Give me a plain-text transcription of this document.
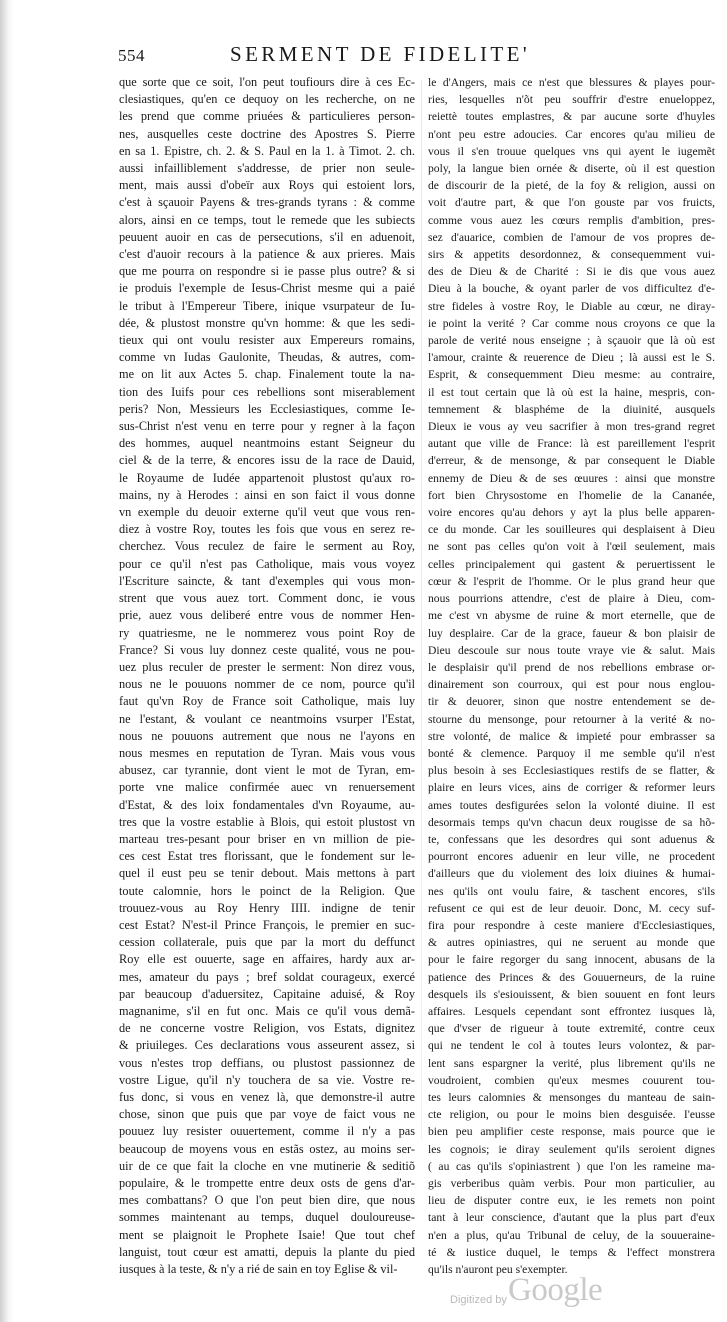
554	SERMENT DE FIDELITE'
que sorte que ce soit, l'on peut toufiours dire à ces Ec-
clesiastiques, qu'en ce dequoy on les recherche, on ne
les prend que comme priuées & particulieres person-
nes, ausquelles ceste doctrine des Apostres S. Pierre
en sa 1. Epistre, ch. 2. & S. Paul en la 1. à Timot. 2. ch.
aussi infailliblement s'addresse, de prier non seule-
ment, mais aussi d'obeïr aux Roys qui estoient lors,
c'est à sçauoir Payens & tres-grands tyrans : & comme
alors, ainsi en ce temps, tout le remede que les subiects
peuuent auoir en cas de persecutions, s'il en aduenoit,
c'est d'auoir recours à la patience & aux prieres. Mais
que me pourra on respondre si ie passe plus outre? & si
ie produis l'exemple de Iesus-Christ mesme qui a paié
le tribut à l'Empereur Tibere, inique vsurpateur de Iu-
dée, & plustost monstre qu'vn homme: & que les sedi-
tieux qui ont voulu resister aux Empereurs romains,
comme vn Iudas Gaulonite, Theudas, & autres, com-
me on lit aux Actes 5. chap. Finalement toute la na-
tion des Iuifs pour ces rebellions sont miserablement
peris? Non, Messieurs les Ecclesiastiques, comme Ie-
sus-Christ n'est venu en terre pour y regner à la façon
des hommes, auquel neantmoins estant Seigneur du
ciel & de la terre, & encores issu de la race de Dauid,
le Royaume de Iudée appartenoit plustost qu'aux ro-
mains, ny à Herodes : ainsi en son faict il vous donne
vn exemple du deuoir externe qu'il veut que vous ren-
diez à vostre Roy, toutes les fois que vous en serez re-
cherchez. Vous reculez de faire le serment au Roy,
pour ce qu'il n'est pas Catholique, mais vous voyez
l'Escriture saincte, & tant d'exemples qui vous mon-
strent que vous auez tort. Comment donc, ie vous
prie, auez vous deliberé entre vous de nommer Hen-
ry quatriesme, ne le nommerez vous point Roy de
France? Si vous luy donnez ceste qualité, vous ne pou-
uez plus reculer de prester le serment: Non direz vous,
nous ne le pouuons nommer de ce nom, pource qu'il
faut qu'vn Roy de France soit Catholique, mais luy
ne l'estant, & voulant ce neantmoins vsurper l'Estat,
nous ne pouuons autrement que nous ne l'ayons en
nous mesmes en reputation de Tyran. Mais vous vous
abusez, car tyrannie, dont vient le mot de Tyran, em-
porte vne malice confirmée auec vn renuersement
d'Estat, & des loix fondamentales d'vn Royaume, au-
tres que la vostre establie à Blois, qui estoit plustost vn
marteau tres-pesant pour briser en vn million de pie-
ces cest Estat tres florissant, que le fondement sur le-
quel il eust peu se tenir debout. Mais mettons à part
toute calomnie, hors le poinct de la Religion. Que
trouuez-vous au Roy Henry IIII. indigne de tenir
cest Estat? N'est-il Prince François, le premier en suc-
cession collaterale, puis que par la mort du deffunct
Roy elle est ouuerte, sage en affaires, hardy aux ar-
mes, amateur du pays ; bref soldat courageux, exercé
par beaucoup d'aduersitez, Capitaine aduisé, & Roy
magnanime, s'il en fut onc. Mais ce qu'il vous demã-
de ne concerne vostre Religion, vos Estats, dignitez
& priuileges. Ces declarations vous asseurent assez, si
vous n'estes trop deffians, ou plustost passionnez de
vostre Ligue, qu'il n'y touchera de sa vie. Vostre re-
fus donc, si vous en venez là, que demonstre-il autre
chose, sinon que puis que par voye de faict vous ne
pouuez luy resister ouuertement, comme il n'y a pas
beaucoup de moyens vous en estãs ostez, au moins ser-
uir de ce que fait la cloche en vne mutinerie & seditiõ
populaire, & le trompette entre deux osts de gens d'ar-
mes combattans? O que l'on peut bien dire, que nous
sommes maintenant au temps, duquel douloureuse-
ment se plaignoit le Prophete Isaie! Que tout chef
languist, tout cœur est amatti, depuis la plante du pied
iusques à la teste, & n'y a rié de sain en toy Eglise & vil-
le d'Angers, mais ce n'est que blessures & playes pour-
ries, lesquelles n'õt peu souffrir d'estre enueloppez,
reiettè toutes emplastres, & par aucune sorte d'huyles
n'ont peu estre adoucies. Car encores qu'au milieu de
vous il s'en trouue quelques vns qui ayent le iugemẽt
poly, la langue bien ornée & diserte, où il est question
de discourir de la pieté, de la foy & religion, aussi on
voit d'autre part, & que l'on gouste par vos fruicts,
comme vous auez les cœurs remplis d'ambition, pres-
sez d'auarice, combien de l'amour de vos propres de-
sirs & appetits desordonnez, & consequemment vui-
des de Dieu & de Charité : Si ie dis que vous auez
Dieu à la bouche, & oyant parler de vos difficultez d'e-
stre fideles à vostre Roy, le Diable au cœur, ne diray-
ie point la verité ? Car comme nous croyons ce que la
parole de verité nous enseigne ; à sçauoir que là où est
l'amour, crainte & reuerence de Dieu ; là aussi est le S.
Esprit, & consequemment Dieu mesme: au contraire,
il est tout certain que là où est la haine, mespris, con-
temnement & blasphéme de la diuinité, ausquels
Dieux ie vous ay veu sacrifier à mon tres-grand regret
autant que ville de France: là est pareillement l'esprit
d'erreur, & de mensonge, & par consequent le Diable
ennemy de Dieu & de ses œuures : ainsi que monstre
fort bien Chrysostome en l'homelie de la Cananée,
voire encores qu'au dehors y ayt la plus belle apparen-
ce du monde. Car les souilleures qui desplaisent à Dieu
ne sont pas celles qu'on voit à l'œil seulement, mais
celles principalement qui gastent & peruertissent le
cœur & l'esprit de l'homme. Or le plus grand heur que
nous pourrions attendre, c'est de plaire à Dieu, com-
me c'est vn abysme de ruine & mort eternelle, que de
luy desplaire. Car de la grace, faueur & bon plaisir de
Dieu descoule sur nous toute vraye vie & salut. Mais
le desplaisir qu'il prend de nos rebellions embrase or-
dinairement son courroux, qui est pour nous englou-
tir & deuorer, sinon que nostre entendement se de-
stourne du mensonge, pour retourner à la verité & no-
stre volonté, de malice & impieté pour embrasser sa
bonté & clemence. Parquoy il me semble qu'il n'est
plus besoin à ses Ecclesiastiques restifs de se flatter, &
plaire en leurs vices, ains de corriger & reformer leurs
ames toutes desfigurées selon la volonté diuine. Il est
desormais temps qu'vn chacun deux rougisse de sa hõ-
te, confessans que les desordres qui sont aduenus &
pourront encores aduenir en leur ville, ne procedent
d'ailleurs que du violement des loix diuines & humai-
nes qu'ils ont voulu faire, & taschent encores, s'ils
refusent ce qui est de leur deuoir. Donc, M. cecy suf-
fira pour respondre à ceste maniere d'Ecclesiastiques,
& autres opiniastres, qui ne seruent au monde que
pour le faire regorger du sang innocent, abusans de la
patience des Princes & des Gouuerneurs, de la ruine
desquels ils s'esiouissent, & bien souuent en font leurs
affaires. Lesquels cependant sont effrontez iusques là,
que d'vser de rigueur à toute extremité, contre ceux
qui ne tendent le col à toutes leurs volontez, & par-
lent sans espargner la verité, plus librement qu'ils ne
voudroient, combien qu'eux mesmes couurent tou-
tes leurs calomnies & mensonges du manteau de sain-
cte religion, ou pour le moins bien desguisée. I'eusse
bien peu amplifier ceste response, mais pource que ie
les cognois; ie diray seulement qu'ils seroient dignes
( au cas qu'ils s'opiniastrent ) que l'on les rameine ma-
gis verberibus quàm verbis. Pour mon particulier, au
lieu de disputer contre eux, ie les remets non point
tant à leur conscience, d'autant que la plus part d'eux
n'en a plus, qu'au Tribunal de celuy, de la souueraine-
té & iustice duquel, le temps & l'effect monstrera
qu'ils n'auront peu s'exempter.
Digitized by Google
